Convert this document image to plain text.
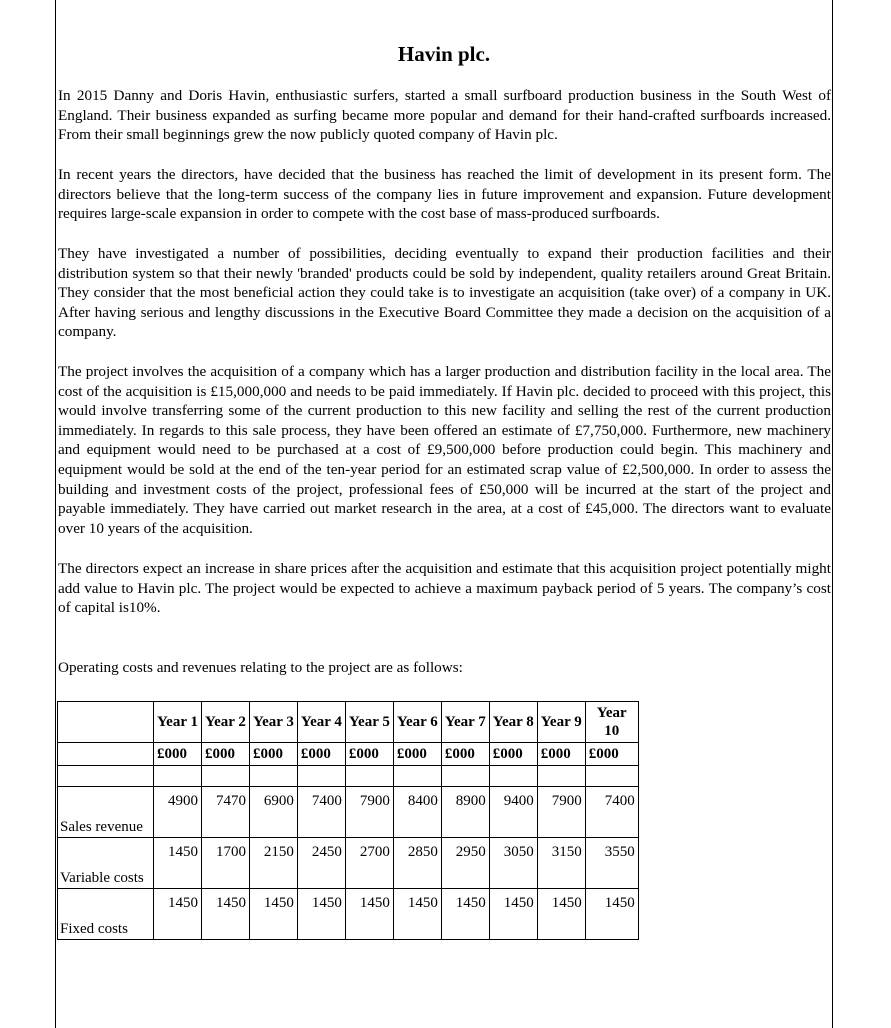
Havin plc.
In 2015 Danny and Doris Havin, enthusiastic surfers, started a small surfboard production business in the South West of England. Their business expanded as surfing became more popular and demand for their hand-crafted surfboards increased. From their small beginnings grew the now publicly quoted company of Havin plc.
In recent years the directors, have decided that the business has reached the limit of development in its present form. The directors believe that the long-term success of the company lies in future improvement and expansion. Future development requires large-scale expansion in order to compete with the cost base of mass-produced surfboards.
They have investigated a number of possibilities, deciding eventually to expand their production facilities and their distribution system so that their newly 'branded' products could be sold by independent, quality retailers around Great Britain. They consider that the most beneficial action they could take is to investigate an acquisition (take over) of a company in UK. After having serious and lengthy discussions in the Executive Board Committee they made a decision on the acquisition of a company.
The project involves the acquisition of a company which has a larger production and distribution facility in the local area. The cost of the acquisition is £15,000,000 and needs to be paid immediately. If Havin plc. decided to proceed with this project, this would involve transferring some of the current production to this new facility and selling the rest of the current production immediately. In regards to this sale process, they have been offered an estimate of £7,750,000. Furthermore, new machinery and equipment would need to be purchased at a cost of £9,500,000 before production could begin. This machinery and equipment would be sold at the end of the ten-year period for an estimated scrap value of £2,500,000. In order to assess the building and investment costs of the project, professional fees of £50,000 will be incurred at the start of the project and payable immediately. They have carried out market research in the area, at a cost of £45,000. The directors want to evaluate over 10 years of the acquisition.
The directors expect an increase in share prices after the acquisition and estimate that this acquisition project potentially might add value to Havin plc. The project would be expected to achieve a maximum payback period of 5 years. The company’s cost of capital is10%.
Operating costs and revenues relating to the project are as follows:
	Year 1	Year 2	Year 3	Year 4	Year 5	Year 6	Year 7	Year 8	Year 9	Year 10
	£000	£000	£000	£000	£000	£000	£000	£000	£000	£000

Sales revenue	4900	7470	6900	7400	7900	8400	8900	9400	7900	7400
Variable costs	1450	1700	2150	2450	2700	2850	2950	3050	3150	3550
Fixed costs	1450	1450	1450	1450	1450	1450	1450	1450	1450	1450
